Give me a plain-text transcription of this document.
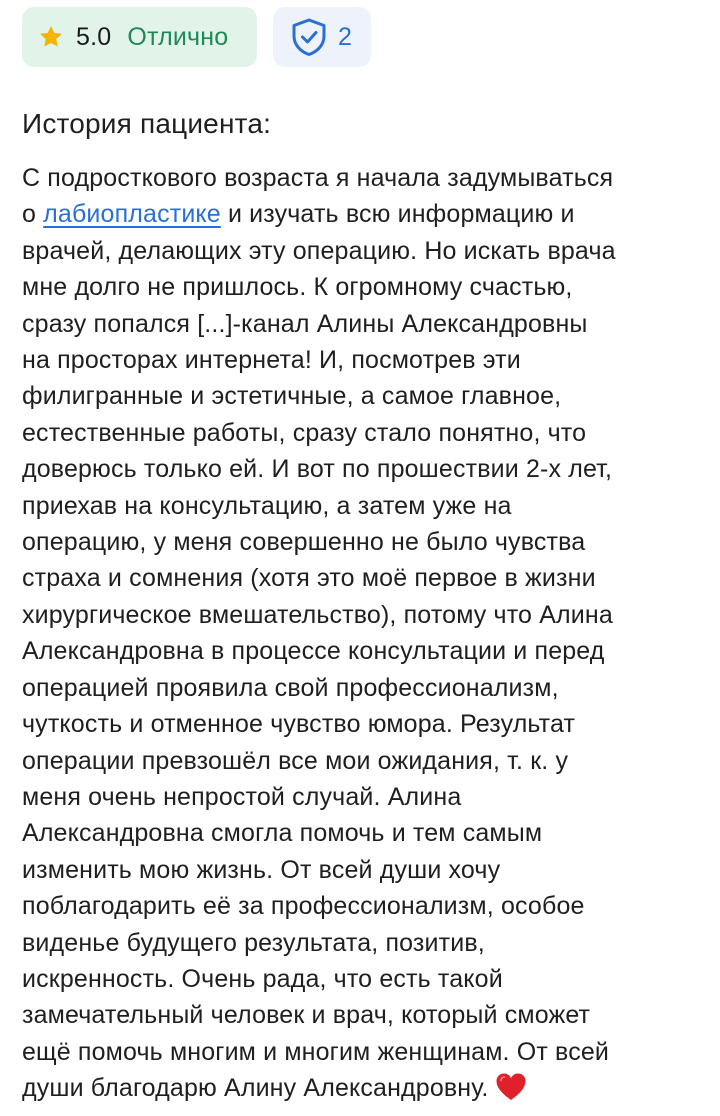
5.0 Отлично	2
История пациента:

С подросткового возраста я начала задумываться
о лабиопластике и изучать всю информацию и
врачей, делающих эту операцию. Но искать врача
мне долго не пришлось. К огромному счастью,
сразу попался [...]-канал Алины Александровны
на просторах интернета! И, посмотрев эти
филигранные и эстетичные, а самое главное,
естественные работы, сразу стало понятно, что
доверюсь только ей. И вот по прошествии 2-х лет,
приехав на консультацию, а затем уже на
операцию, у меня совершенно не было чувства
страха и сомнения (хотя это моё первое в жизни
хирургическое вмешательство), потому что Алина
Александровна в процессе консультации и перед
операцией проявила свой профессионализм,
чуткость и отменное чувство юмора. Результат
операции превзошёл все мои ожидания, т. к. у
меня очень непростой случай. Алина
Александровна смогла помочь и тем самым
изменить мою жизнь. От всей души хочу
поблагодарить её за профессионализм, особое
виденье будущего результата, позитив,
искренность. Очень рада, что есть такой
замечательный человек и врач, который сможет
ещё помочь многим и многим женщинам. От всей
души благодарю Алину Александровну.
